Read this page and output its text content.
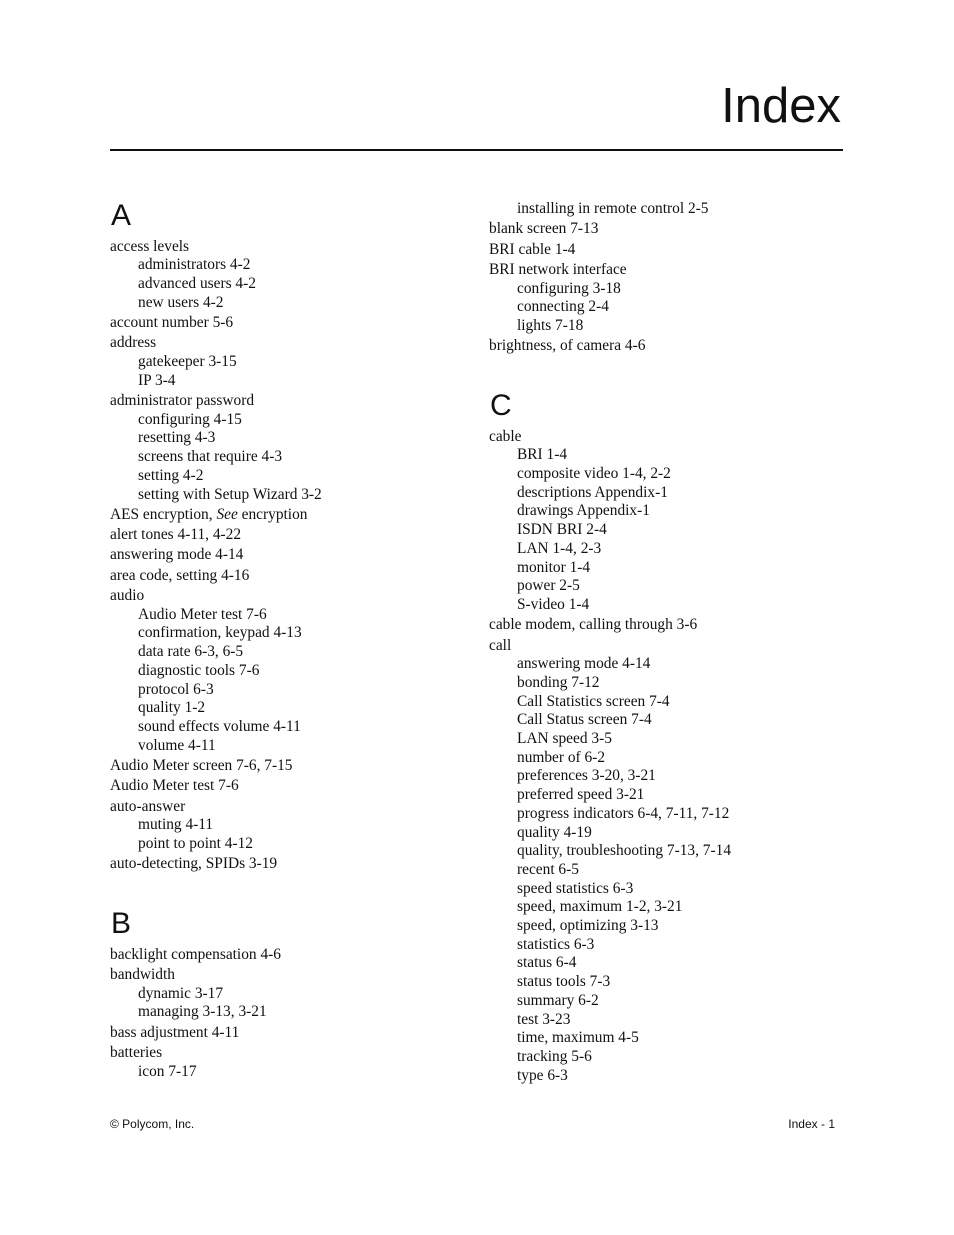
Index
A
access levels
administrators 4-2
advanced users 4-2
new users 4-2
account number 5-6
address
gatekeeper 3-15
IP 3-4
administrator password
configuring 4-15
resetting 4-3
screens that require 4-3
setting 4-2
setting with Setup Wizard 3-2
AES encryption, See encryption
alert tones 4-11, 4-22
answering mode 4-14
area code, setting 4-16
audio
Audio Meter test 7-6
confirmation, keypad 4-13
data rate 6-3, 6-5
diagnostic tools 7-6
protocol 6-3
quality 1-2
sound effects volume 4-11
volume 4-11
Audio Meter screen 7-6, 7-15
Audio Meter test 7-6
auto-answer
muting 4-11
point to point 4-12
auto-detecting, SPIDs 3-19
B
backlight compensation 4-6
bandwidth
dynamic 3-17
managing 3-13, 3-21
bass adjustment 4-11
batteries
icon 7-17
installing in remote control 2-5
blank screen 7-13
BRI cable 1-4
BRI network interface
configuring 3-18
connecting 2-4
lights 7-18
brightness, of camera 4-6
C
cable
BRI 1-4
composite video 1-4, 2-2
descriptions Appendix-1
drawings Appendix-1
ISDN BRI 2-4
LAN 1-4, 2-3
monitor 1-4
power 2-5
S-video 1-4
cable modem, calling through 3-6
call
answering mode 4-14
bonding 7-12
Call Statistics screen 7-4
Call Status screen 7-4
LAN speed 3-5
number of 6-2
preferences 3-20, 3-21
preferred speed 3-21
progress indicators 6-4, 7-11, 7-12
quality 4-19
quality, troubleshooting 7-13, 7-14
recent 6-5
speed statistics 6-3
speed, maximum 1-2, 3-21
speed, optimizing 3-13
statistics 6-3
status 6-4
status tools 7-3
summary 6-2
test 3-23
time, maximum 4-5
tracking 5-6
type 6-3
© Polycom, Inc.	Index - 1
